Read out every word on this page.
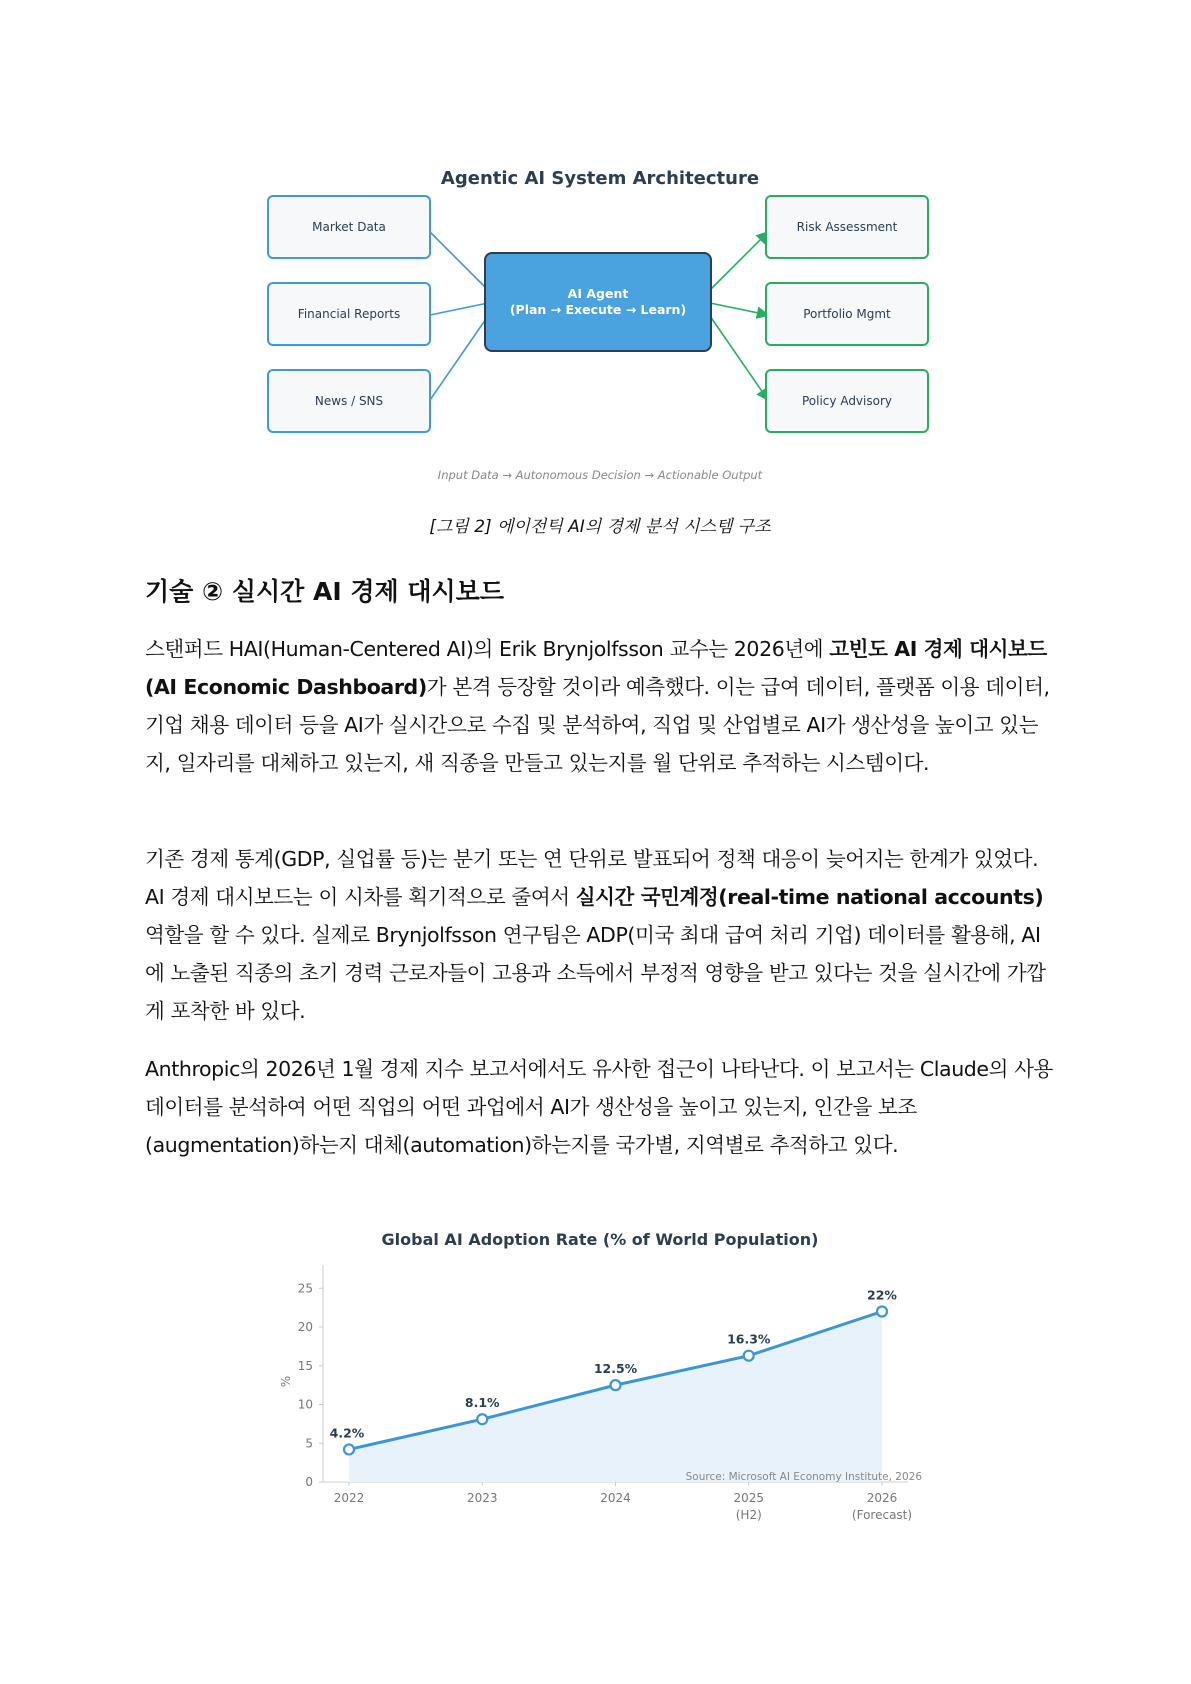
Agentic AI System Architecture
Market Data
Financial Reports
News / SNS
AI Agent
(Plan → Execute → Learn)
Risk Assessment
Portfolio Mgmt
Policy Advisory
Input Data → Autonomous Decision → Actionable Output
[그림 2] 에이전틱 AI의 경제 분석 시스템 구조
기술 ② 실시간 AI 경제 대시보드

스탠퍼드 HAI(Human-Centered AI)의 Erik Brynjolfsson 교수는 2026년에 고빈도 AI 경제 대시보드(AI Economic Dashboard)가 본격 등장할 것이라 예측했다. 이는 급여 데이터, 플랫폼 이용 데이터, 기업 채용 데이터 등을 AI가 실시간으로 수집 및 분석하여, 직업 및 산업별로 AI가 생산성을 높이고 있는지, 일자리를 대체하고 있는지, 새 직종을 만들고 있는지를 월 단위로 추적하는 시스템이다.

기존 경제 통계(GDP, 실업률 등)는 분기 또는 연 단위로 발표되어 정책 대응이 늦어지는 한계가 있었다. AI 경제 대시보드는 이 시차를 획기적으로 줄여서 실시간 국민계정(real-time national accounts) 역할을 할 수 있다. 실제로 Brynjolfsson 연구팀은 ADP(미국 최대 급여 처리 기업) 데이터를 활용해, AI에 노출된 직종의 초기 경력 근로자들이 고용과 소득에서 부정적 영향을 받고 있다는 것을 실시간에 가깝게 포착한 바 있다.

Anthropic의 2026년 1월 경제 지수 보고서에서도 유사한 접근이 나타난다. 이 보고서는 Claude의 사용 데이터를 분석하여 어떤 직업의 어떤 과업에서 AI가 생산성을 높이고 있는지, 인간을 보조(augmentation)하는지 대체(automation)하는지를 국가별, 지역별로 추적하고 있다.

Global AI Adoption Rate (% of World Population)
0
5
10
15
20
25
%
2022	2023	2024	2025
(H2)
2026
(Forecast)
4.2%
8.1%
12.5%
16.3%
22%
Source: Microsoft AI Economy Institute, 2026
